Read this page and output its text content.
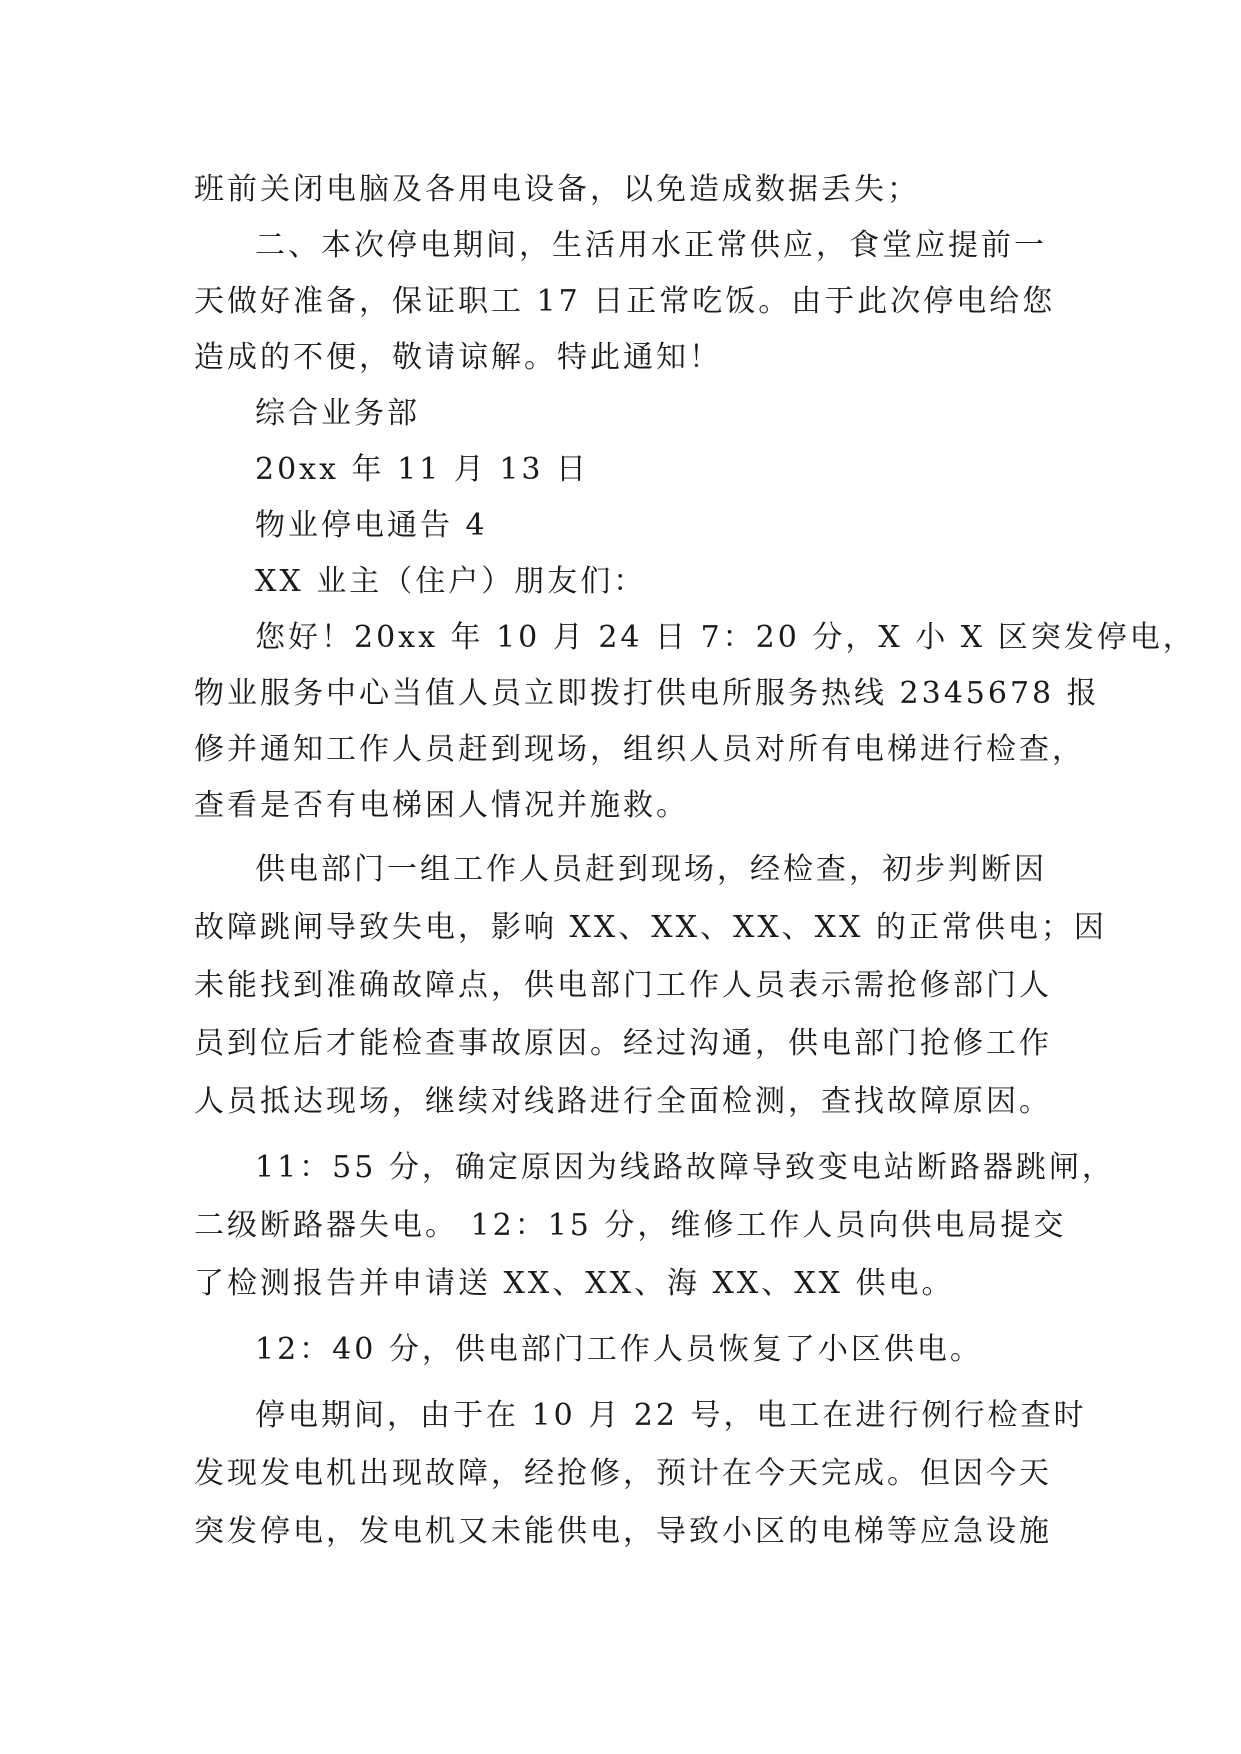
班前关闭电脑及各用电设备，以免造成数据丢失；
二、本次停电期间，生活用水正常供应，食堂应提前一
天做好准备，保证职工 17 日正常吃饭。由于此次停电给您
造成的不便，敬请谅解。特此通知！
综合业务部
20xx 年 11 月 13 日
物业停电通告 4
XX 业主（住户）朋友们：
您好！20xx 年 10 月 24 日 7：20 分，X 小 X 区突发停电，
物业服务中心当值人员立即拨打供电所服务热线 2345678 报
修并通知工作人员赶到现场，组织人员对所有电梯进行检查，
查看是否有电梯困人情况并施救。
供电部门一组工作人员赶到现场，经检查，初步判断因
故障跳闸导致失电，影响 XX、XX、XX、XX 的正常供电；因
未能找到准确故障点，供电部门工作人员表示需抢修部门人
员到位后才能检查事故原因。经过沟通，供电部门抢修工作
人员抵达现场，继续对线路进行全面检测，查找故障原因。
11：55 分，确定原因为线路故障导致变电站断路器跳闸，
二级断路器失电。 12：15 分，维修工作人员向供电局提交
了检测报告并申请送 XX、XX、海 XX、XX 供电。
12：40 分，供电部门工作人员恢复了小区供电。
停电期间，由于在 10 月 22 号，电工在进行例行检查时
发现发电机出现故障，经抢修，预计在今天完成。但因今天
突发停电，发电机又未能供电，导致小区的电梯等应急设施
